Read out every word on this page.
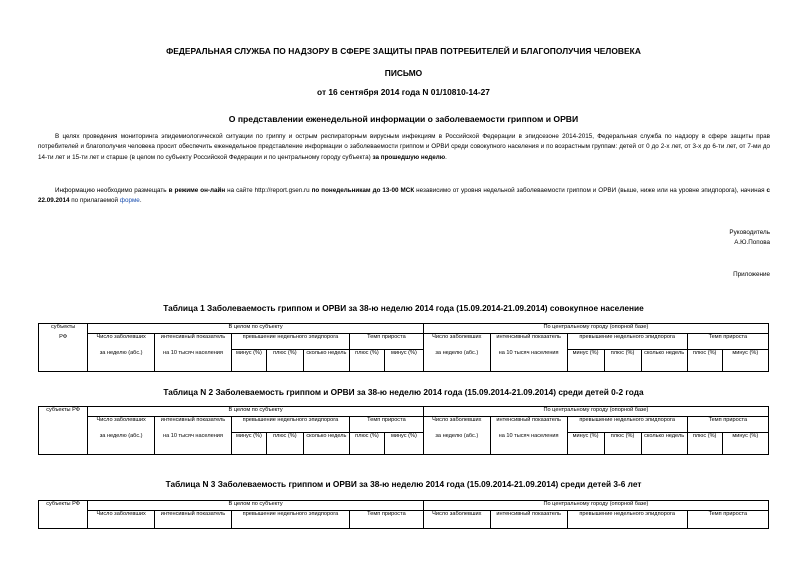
ФЕДЕРАЛЬНАЯ СЛУЖБА ПО НАДЗОРУ В СФЕРЕ ЗАЩИТЫ ПРАВ ПОТРЕБИТЕЛЕЙ И БЛАГОПОЛУЧИЯ ЧЕЛОВЕКА
ПИСЬМО
от 16 сентября 2014 года N 01/10810-14-27
О представлении еженедельной информации о заболеваемости гриппом и ОРВИ
В целях проведения мониторинга эпидемиологической ситуации по гриппу и острым респираторным вирусным инфекциям в Российской Федерации в эпидсезоне 2014-2015, Федеральная служба по надзору в сфере защиты прав потребителей и благополучия человека просит обеспечить еженедельное представление информации о заболеваемости гриппом и ОРВИ среди совокупного населения и по возрастным группам: детей от 0 до 2-х лет, от 3-х до 6-ти лет, от 7-ми до 14-ти лет и 15-ти лет и старше (в целом по субъекту Российской Федерации и по центральному городу субъекта) за прошедшую неделю.
Информацию необходимо размещать в режиме он-лайн на сайте http://report.gsen.ru по понедельникам до 13-00 МСК независимо от уровня недельной заболеваемости гриппом и ОРВИ (выше, ниже или на уровне эпидпорога), начиная с 22.09.2014 по прилагаемой форме.
Руководитель
А.Ю.Попова
Приложение
Таблица 1 Заболеваемость гриппом и ОРВИ за 38-ю неделю 2014 года (15.09.2014-21.09.2014) совокупное население
субъекты	В целом по субъекту							По центральному городу (опорной базе)						
РФ	Число заболевших	интенсивный показатель	превышение недельного эпидпорога			Темп прироста		Число заболевших	интенсивный показатель	превышение недельного эпидпорога			Темп прироста	
	за неделю (абс.)	на 10 тысяч населения	минус (%)	плюс (%)	сколько недель	плюс (%)	минус (%)	за неделю (абс.)	на 10 тысяч населения	минус (%)	плюс (%)	сколько недель	плюс (%)	минус (%)
Таблица N 2 Заболеваемость гриппом и ОРВИ за 38-ю неделю 2014 года (15.09.2014-21.09.2014) среди детей 0-2 года
субъекты РФ	В целом по субъекту							По центральному городу (опорной базе)						
	Число заболевших	интенсивный показатель	превышение недельного эпидпорога			Темп прироста		Число заболевших	интенсивный показатель	превышение недельного эпидпорога			Темп прироста	
	за неделю (абс.)	на 10 тысяч населения	минус (%)	плюс (%)	сколько недель	плюс (%)	минус (%)	за неделю (абс.)	на 10 тысяч населения	минус (%)	плюс (%)	сколько недель	плюс (%)	минус (%)
Таблица N 3 Заболеваемость гриппом и ОРВИ за 38-ю неделю 2014 года (15.09.2014-21.09.2014) среди детей 3-6 лет
субъекты РФ	В целом по субъекту				По центральному городу (опорной базе)			
	Число заболевших	интенсивный показатель	превышение недельного эпидпорога	Темп прироста	Число заболевших	интенсивный показатель	превышение недельного эпидпорога	Темп прироста
